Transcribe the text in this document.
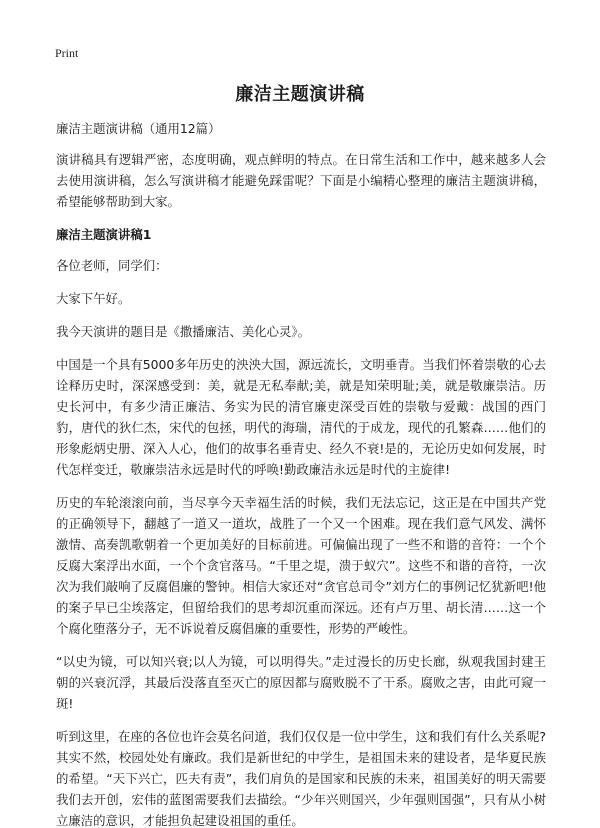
Print
廉洁主题演讲稿

廉洁主题演讲稿（通用12篇）

演讲稿具有逻辑严密，态度明确，观点鲜明的特点。在日常生活和工作中，越来越多人会去使用演讲稿，怎么写演讲稿才能避免踩雷呢？下面是小编精心整理的廉洁主题演讲稿，希望能够帮助到大家。

廉洁主题演讲稿1

各位老师，同学们：

大家下午好。

我今天演讲的题目是《撒播廉洁、美化心灵》。

中国是一个具有5000多年历史的泱泱大国，源远流长，文明垂青。当我们怀着崇敬的心去诠释历史时，深深感受到：美，就是无私奉献;美，就是知荣明耻;美，就是敬廉崇洁。历史长河中，有多少清正廉洁、务实为民的清官廉吏深受百姓的崇敬与爱戴：战国的西门豹，唐代的狄仁杰，宋代的包拯，明代的海瑞，清代的于成龙，现代的孔繁森……他们的形象彪炳史册、深入人心，他们的故事名垂青史、经久不衰!是的，无论历史如何发展，时代怎样变迁，敬廉崇洁永远是时代的呼唤!勤政廉洁永远是时代的主旋律!

历史的车轮滚滚向前，当尽享今天幸福生活的时候，我们无法忘记，这正是在中国共产党的正确领导下，翻越了一道又一道坎，战胜了一个又一个困难。现在我们意气风发、满怀激情、高奏凯歌朝着一个更加美好的目标前进。可偏偏出现了一些不和谐的音符：一个个反腐大案浮出水面，一个个贪官落马。“千里之堤，溃于蚁穴”。这些不和谐的音符，一次次为我们敲响了反腐倡廉的警钟。相信大家还对“贪官总司令”刘方仁的事例记忆犹新吧!他的案子早已尘埃落定，但留给我们的思考却沉重而深远。还有卢万里、胡长清……这一个个腐化堕落分子，无不诉说着反腐倡廉的重要性，形势的严峻性。

“以史为镜，可以知兴衰;以人为镜，可以明得失。”走过漫长的历史长廊，纵观我国封建王朝的兴衰沉浮，其最后没落直至灭亡的原因都与腐败脱不了干系。腐败之害，由此可窥一斑!

听到这里，在座的各位也许会莫名问道，我们仅仅是一位中学生，这和我们有什么关系呢?其实不然，校园处处有廉政。我们是新世纪的中学生，是祖国未来的建设者，是华夏民族的希望。“天下兴亡，匹夫有责”，我们肩负的是国家和民族的未来，祖国美好的明天需要我们去开创，宏伟的蓝图需要我们去描绘。“少年兴则国兴，少年强则国强”，只有从小树立廉洁的意识，才能担负起建设祖国的重任。
